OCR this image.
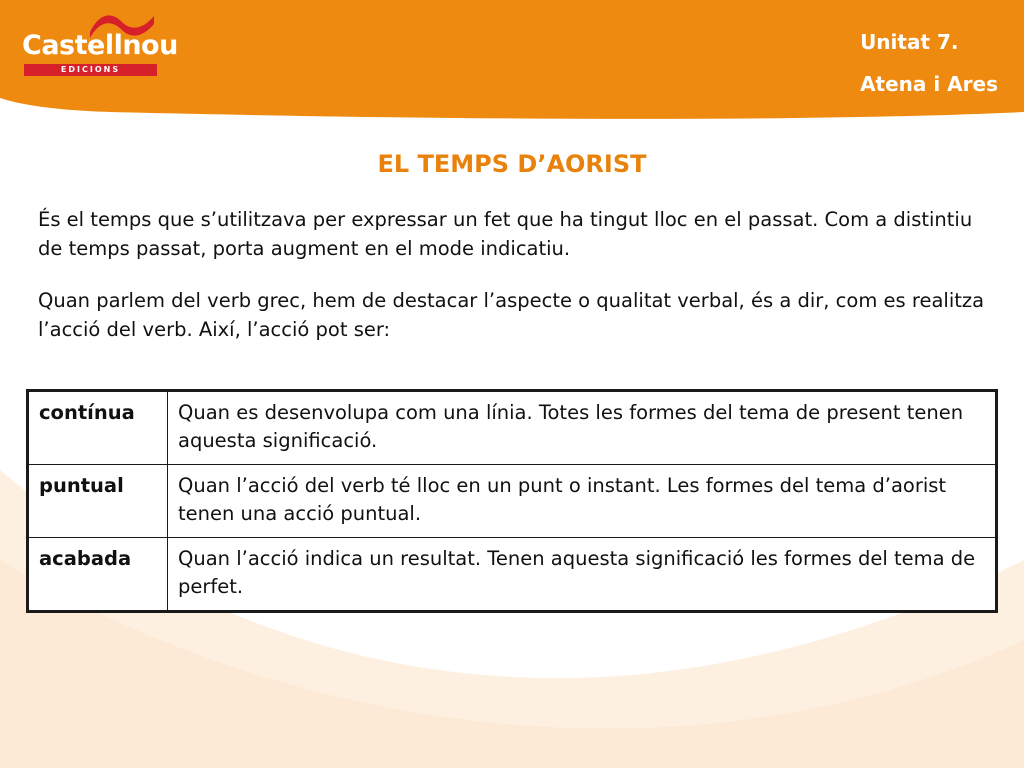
Castellnou
EDICIONS
Unitat 7.
Atena i Ares
EL TEMPS D’AORIST

És el temps que s’utilitzava per expressar un fet que ha tingut lloc en el passat. Com a distintiu de temps passat, porta augment en el mode indicatiu.

Quan parlem del verb grec, hem de destacar l’aspecte o qualitat verbal, és a dir, com es realitza l’acció del verb. Així, l’acció pot ser:

contínua	Quan es desenvolupa com una línia. Totes les formes del tema de present tenen aquesta significació.
puntual	Quan l’acció del verb té lloc en un punt o instant. Les formes del tema d’aorist tenen una acció puntual.
acabada	Quan l’acció indica un resultat. Tenen aquesta significació les formes del tema de perfet.
